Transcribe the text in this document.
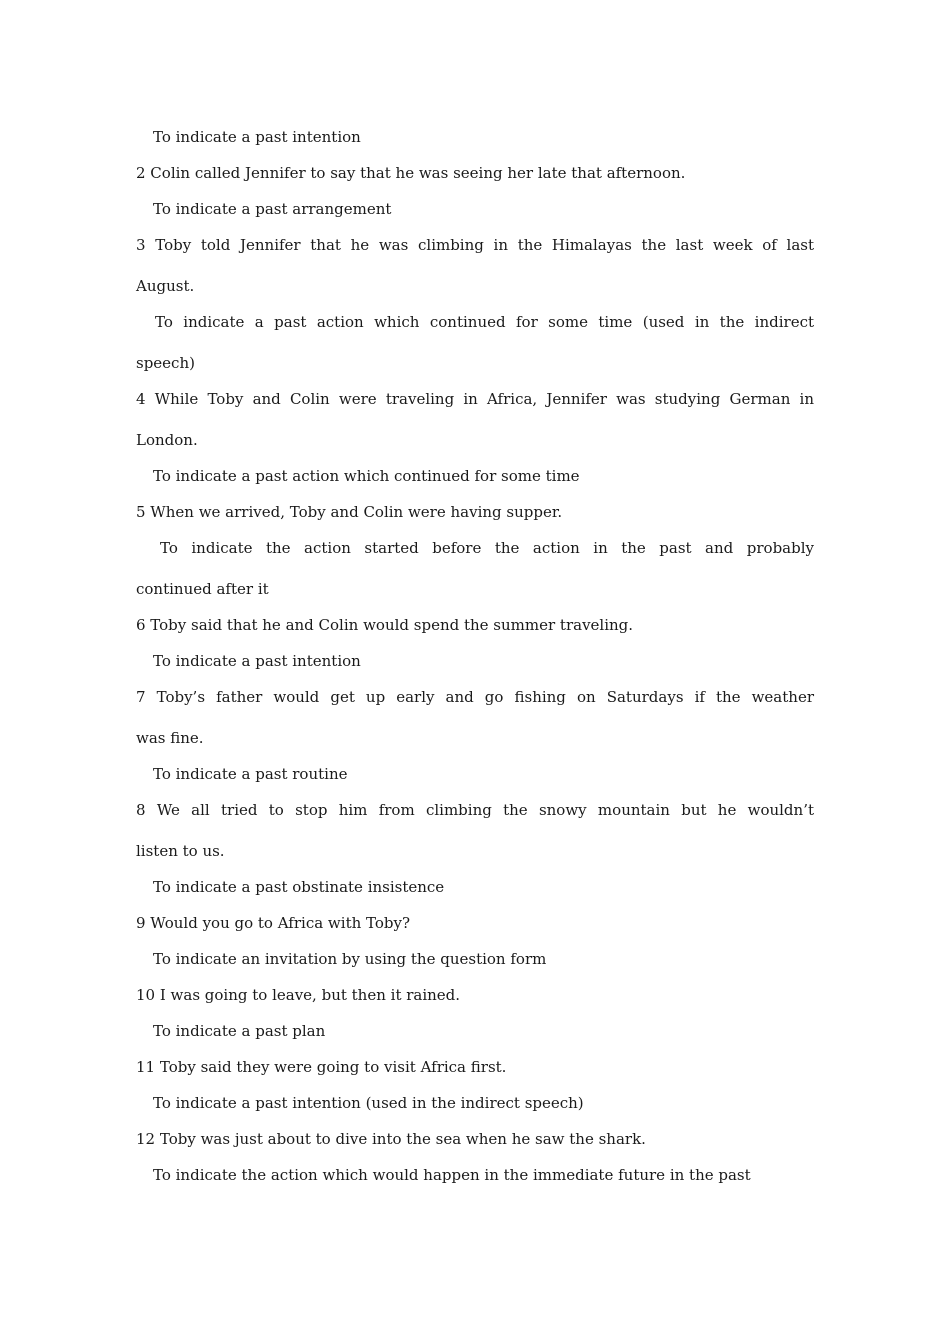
To indicate a past intention
2 Colin called Jennifer to say that he was seeing her late that afternoon.
To indicate a past arrangement
3 Toby told Jennifer that he was climbing in the Himalayas the last week of last
August.
To indicate a past action which continued for some time (used in the indirect
speech)
4 While Toby and Colin were traveling in Africa, Jennifer was studying German in
London.
To indicate a past action which continued for some time
5 When we arrived, Toby and Colin were having supper.
To indicate the action started before the action in the past and probably
continued after it
6 Toby said that he and Colin would spend the summer traveling.
To indicate a past intention
7 Toby’s father would get up early and go fishing on Saturdays if the weather
was fine.
To indicate a past routine
8 We all tried to stop him from climbing the snowy mountain but he wouldn’t
listen to us.
To indicate a past obstinate insistence
9 Would you go to Africa with Toby?
To indicate an invitation by using the question form
10 I was going to leave, but then it rained.
To indicate a past plan
11 Toby said they were going to visit Africa first.
To indicate a past intention (used in the indirect speech)
12 Toby was just about to dive into the sea when he saw the shark.
To indicate the action which would happen in the immediate future in the past
